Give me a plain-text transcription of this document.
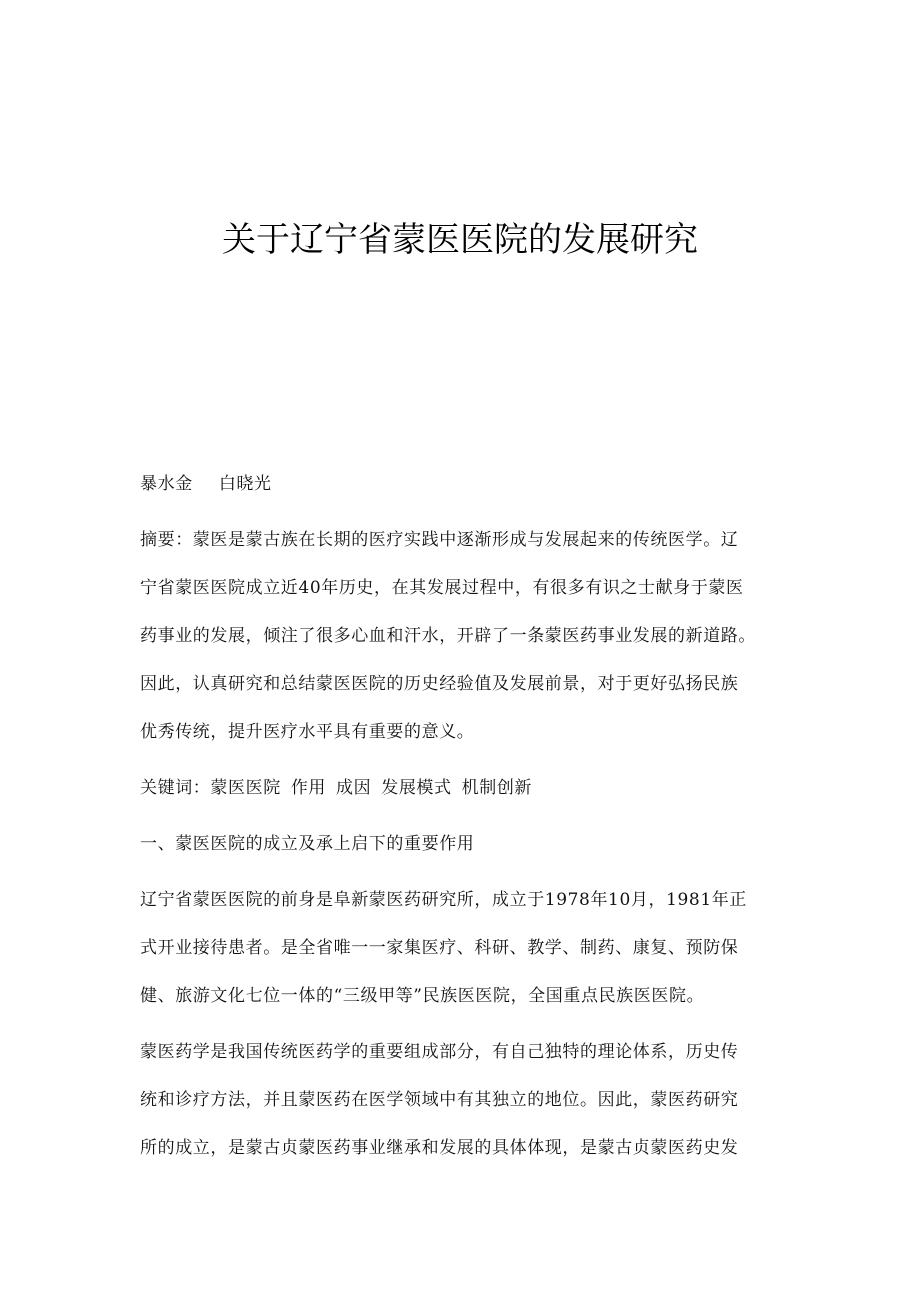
关于辽宁省蒙医医院的发展研究
暴水金 白晓光
摘要：蒙医是蒙古族在长期的医疗实践中逐渐形成与发展起来的传统医学。辽
宁省蒙医医院成立近40年历史，在其发展过程中，有很多有识之士献身于蒙医
药事业的发展，倾注了很多心血和汗水，开辟了一条蒙医药事业发展的新道路。
因此，认真研究和总结蒙医医院的历史经验值及发展前景，对于更好弘扬民族
优秀传统，提升医疗水平具有重要的意义。
关键词：蒙医医院 作用 成因 发展模式 机制创新
一、蒙医医院的成立及承上启下的重要作用
辽宁省蒙医医院的前身是阜新蒙医药研究所，成立于1978年10月，1981年正
式开业接待患者。是全省唯一一家集医疗、科研、教学、制药、康复、预防保
健、旅游文化七位一体的“三级甲等”民族医医院，全国重点民族医医院。
蒙医药学是我国传统医药学的重要组成部分，有自己独特的理论体系，历史传
统和诊疗方法，并且蒙医药在医学领域中有其独立的地位。因此，蒙医药研究
所的成立，是蒙古贞蒙医药事业继承和发展的具体体现，是蒙古贞蒙医药史发
